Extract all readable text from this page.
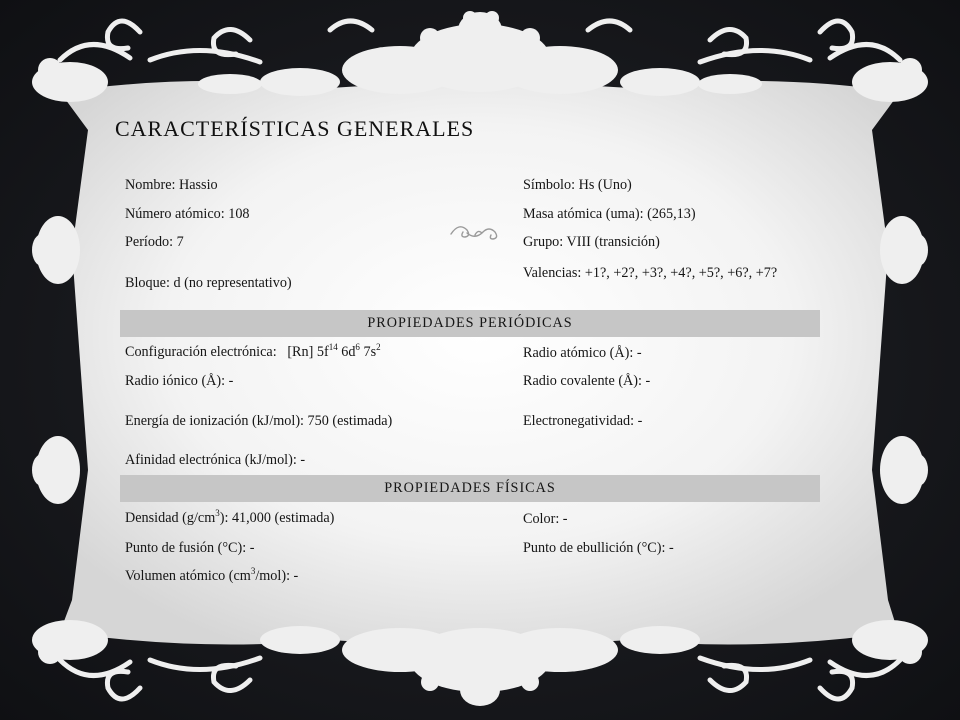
CARACTERÍSTICAS GENERALES
Nombre: Hassio	Símbolo: Hs (Uno)
Número atómico: 108	Masa atómica (uma): (265,13)
Período: 7	Grupo: VIII (transición)
Bloque: d (no representativo)
Valencias: +1?, +2?, +3?, +4?, +5?, +6?, +7?
PROPIEDADES PERIÓDICAS
Configuración electrónica: [Rn] $5f^{14}$ $6d^6$ $7s^2$	Radio atómico (Å): -
Radio iónico (Å): -	Radio covalente (Å): -
Energía de ionización (kJ/mol): 750 (estimada)	Electronegatividad: -
Afinidad electrónica (kJ/mol): -
PROPIEDADES FÍSICAS
Densidad $(g/cm^3)$: 41,000 (estimada)	Color: -
Punto de fusión (°C): -	Punto de ebullición (°C): -
Volumen atómico $(cm^3/mol)$: -
